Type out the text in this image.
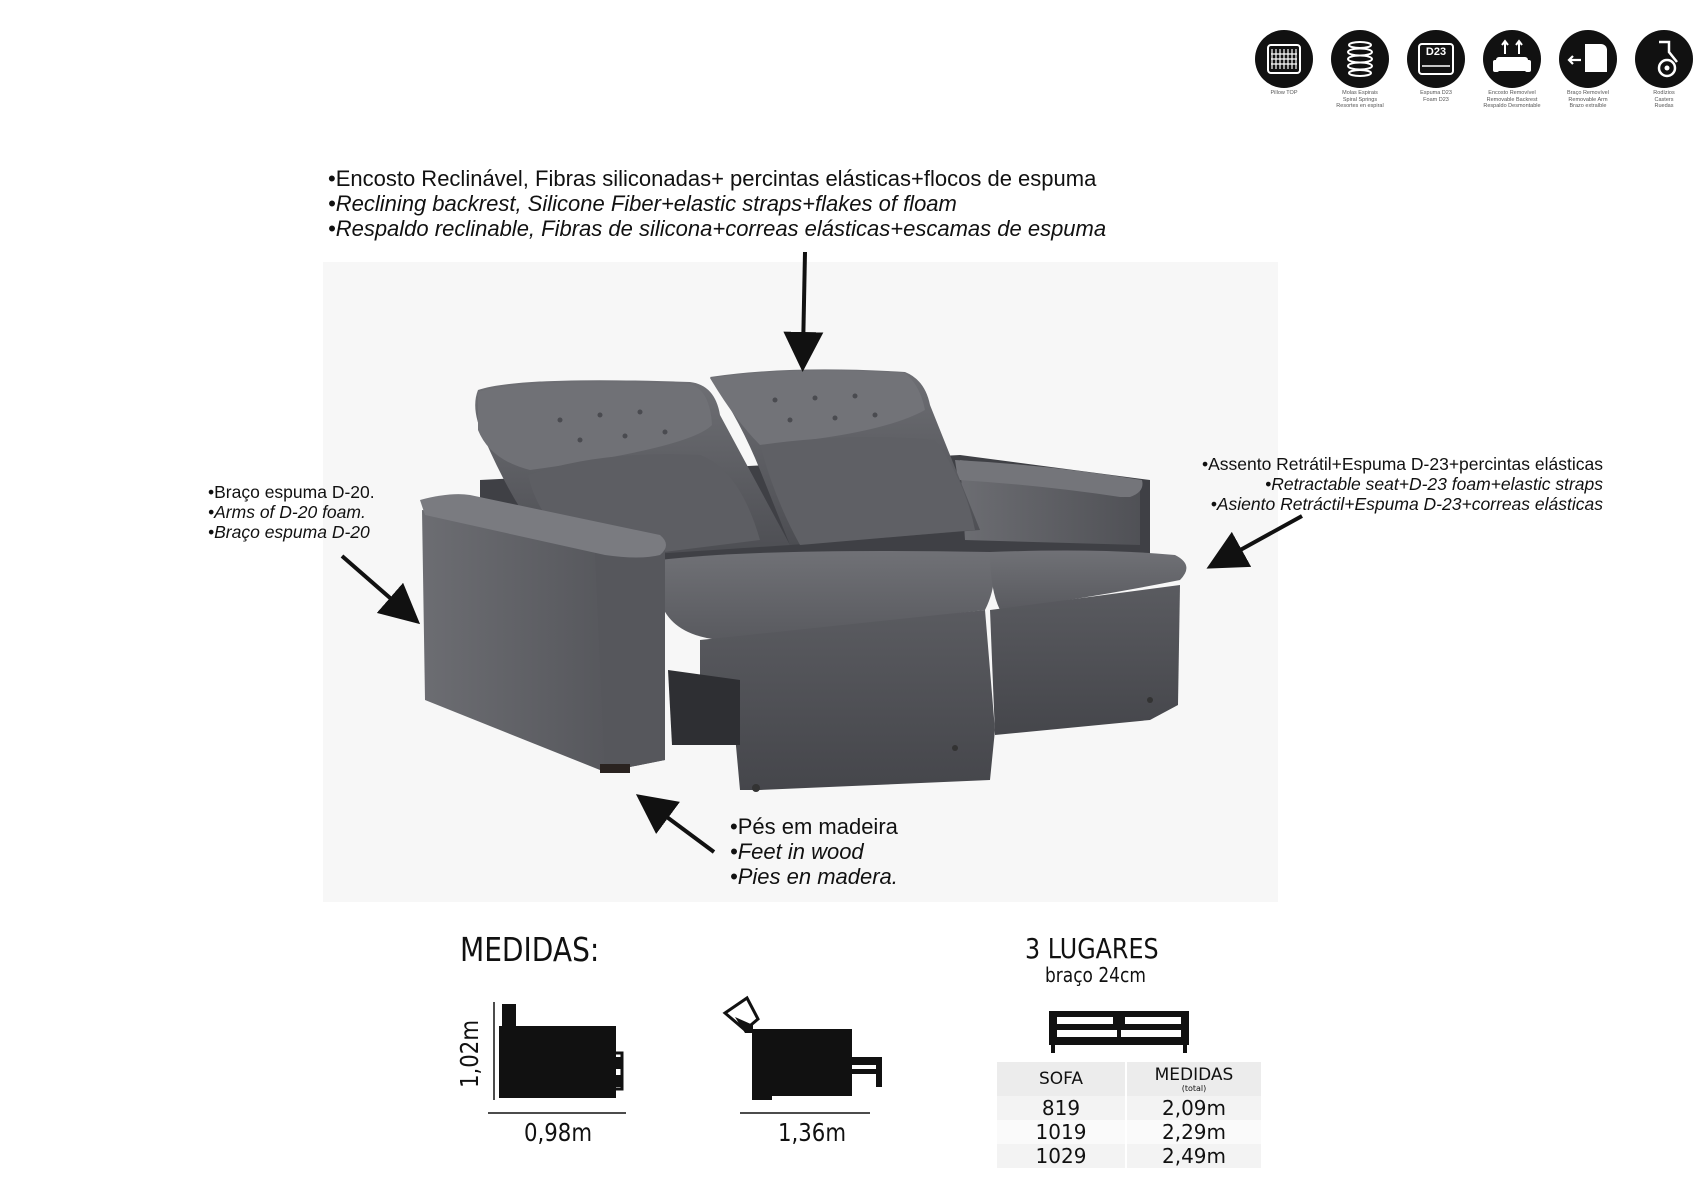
Pillow TOP	Molas Espirais
Spiral Springs
Resortes en espiral
D23
Espuma D23
Foam D23
Encosto Removível
Removable Backrest
Respaldo Desmontable
Braço Removível
Removable Arm
Brazo extraíble
Rodízios
Casters
Ruedas
•Encosto Reclinável, Fibras siliconadas+ percintas elásticas+flocos de espuma
•Reclining backrest, Silicone Fiber+elastic straps+flakes of floam
•Respaldo reclinable, Fibras de silicona+correas elásticas+escamas de espuma
•Braço espuma D-20.
•Arms of D-20 foam.
•Braço espuma D-20
•Assento Retrátil+Espuma D-23+percintas elásticas
•Retractable seat+D-23 foam+elastic straps
•Asiento Retráctil+Espuma D-23+correas elásticas
•Pés em madeira
•Feet in wood
•Pies en madera.
MEDIDAS:
1,02m
0,98m	1,36m
3 LUGARES
braço 24cm
SOFA	MEDIDAS
(total)

819	2,09m
1019	2,29m
1029	2,49m
